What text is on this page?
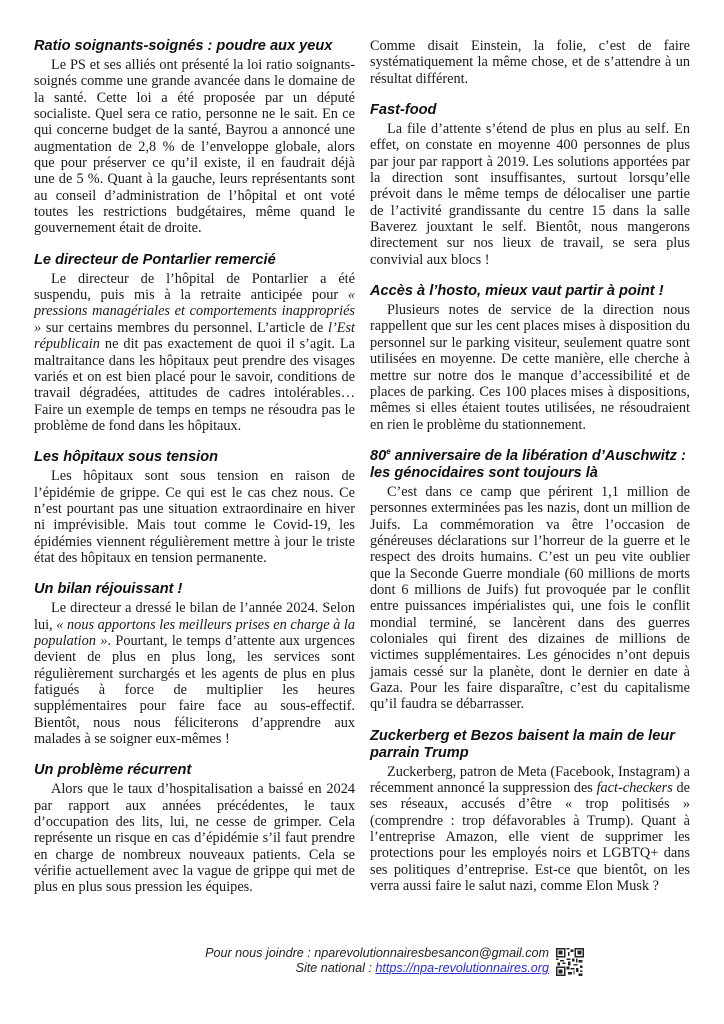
Ratio soignants-soignés : poudre aux yeux

Le PS et ses alliés ont présenté la loi ratio soignants-soignés comme une grande avancée dans le domaine de la santé. Cette loi a été proposée par un député socialiste. Quel sera ce ratio, personne ne le sait. En ce qui concerne budget de la santé, Bayrou a annoncé une augmentation de 2,8 % de l’enveloppe globale, alors que pour préserver ce qu’il existe, il en faudrait déjà une de 5 %. Quant à la gauche, leurs représentants sont au conseil d’administration de l’hôpital et ont voté toutes les restrictions budgétaires, même quand le gouvernement était de droite.

Le directeur de Pontarlier remercié

Le directeur de l’hôpital de Pontarlier a été suspendu, puis mis à la retraite anticipée pour « pressions managériales et comportements inappropriés » sur certains membres du personnel. L’article de l’Est républicain ne dit pas exactement de quoi il s’agit. La maltraitance dans les hôpitaux peut prendre des visages variés et on est bien placé pour le savoir, conditions de travail dégradées, attitudes de cadres intolérables… Faire un exemple de temps en temps ne résoudra pas le problème de fond dans les hôpitaux.

Les hôpitaux sous tension

Les hôpitaux sont sous tension en raison de l’épidémie de grippe. Ce qui est le cas chez nous. Ce n’est pourtant pas une situation extraordinaire en hiver ni imprévisible. Mais tout comme le Covid-19, les épidémies viennent régulièrement mettre à jour le triste état des hôpitaux en tension permanente.

Un bilan réjouissant !

Le directeur a dressé le bilan de l’année 2024. Selon lui, « nous apportons les meilleurs prises en charge à la population ». Pourtant, le temps d’attente aux urgences devient de plus en plus long, les services sont régulièrement surchargés et les agents de plus en plus fatigués à force de multiplier les heures supplémentaires pour faire face au sous-effectif. Bientôt, nous nous féliciterons d’apprendre aux malades à se soigner eux-mêmes !

Un problème récurrent

Alors que le taux d’hospitalisation a baissé en 2024 par rapport aux années précédentes, le taux d’occupation des lits, lui, ne cesse de grimper. Cela représente un risque en cas d’épidémie s’il faut prendre en charge de nombreux nouveaux patients. Cela se vérifie actuellement avec la vague de grippe qui met de plus en plus sous pression les équipes.

Comme disait Einstein, la folie, c’est de faire systématiquement la même chose, et de s’attendre à un résultat différent.

Fast-food

La file d’attente s’étend de plus en plus au self. En effet, on constate en moyenne 400 personnes de plus par jour par rapport à 2019. Les solutions apportées par la direction sont insuffisantes, surtout lorsqu’elle prévoit dans le même temps de délocaliser une partie de l’activité grandissante du centre 15 dans la salle Baverez jouxtant le self. Bientôt, nous mangerons directement sur nos lieux de travail, se sera plus convivial aux blocs !

Accès à l’hosto, mieux vaut partir à point !

Plusieurs notes de service de la direction nous rappellent que sur les cent places mises à disposition du personnel sur le parking visiteur, seulement quatre sont utilisées en moyenne. De cette manière, elle cherche à mettre sur notre dos le manque d’accessibilité et de places de parking. Ces 100 places mises à dispositions, mêmes si elles étaient toutes utilisées, ne résoudraient en rien le problème du stationnement.

80e anniversaire de la libération d’Auschwitz : les génocidaires sont toujours là

C’est dans ce camp que périrent 1,1 million de personnes exterminées pas les nazis, dont un million de Juifs. La commémoration va être l’occasion de généreuses déclarations sur l’horreur de la guerre et le respect des droits humains. C’est un peu vite oublier que la Seconde Guerre mondiale (60 millions de morts dont 6 millions de Juifs) fut provoquée par le conflit entre puissances impérialistes qui, une fois le conflit mondial terminé, se lancèrent dans des guerres coloniales qui firent des dizaines de millions de victimes supplémentaires. Les génocides n’ont depuis jamais cessé sur la planète, dont le dernier en date à Gaza. Pour les faire disparaître, c’est du capitalisme qu’il faudra se débarrasser.

Zuckerberg et Bezos baisent la main de leur parrain Trump

Zuckerberg, patron de Meta (Facebook, Instagram) a récemment annoncé la suppression des fact-checkers de ses réseaux, accusés d’être « trop politisés » (comprendre : trop défavorables à Trump). Quant à l’entreprise Amazon, elle vient de supprimer les protections pour les employés noirs et LGBTQ+ dans ses politiques d’entreprise. Est-ce que bientôt, on les verra aussi faire le salut nazi, comme Elon Musk ?

Pour nous joindre : nparevolutionnairesbesancon@gmail.com
Site national : https://npa-revolutionnaires.org
